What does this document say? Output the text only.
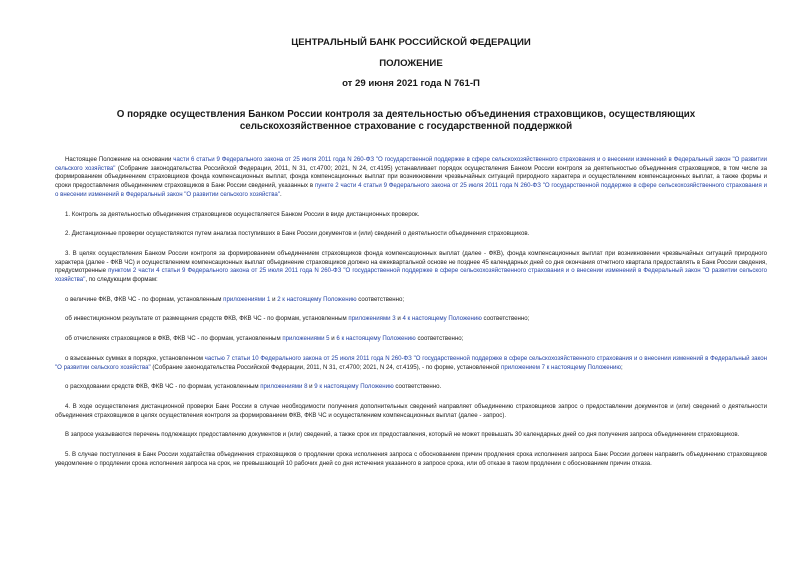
ЦЕНТРАЛЬНЫЙ БАНК РОССИЙСКОЙ ФЕДЕРАЦИИ
ПОЛОЖЕНИЕ
от 29 июня 2021 года N 761-П
О порядке осуществления Банком России контроля за деятельностью объединения страховщиков, осуществляющих сельскохозяйственное страхование с государственной поддержкой

Настоящее Положение на основании части 6 статьи 9 Федерального закона от 25 июля 2011 года N 260-ФЗ "О государственной поддержке в сфере сельскохозяйственного страхования и о внесении изменений в Федеральный закон "О развитии сельского хозяйства" (Собрание законодательства Российской Федерации, 2011, N 31, ст.4700; 2021, N 24, ст.4195) устанавливает порядок осуществления Банком России контроля за деятельностью объединения страховщиков, в том числе за формированием объединением страховщиков фонда компенсационных выплат, фонда компенсационных выплат при возникновении чрезвычайных ситуаций природного характера и осуществлением компенсационных выплат, а также формы и сроки предоставления объединением страховщиков в Банк России сведений, указанных в пункте 2 части 4 статьи 9 Федерального закона от 25 июля 2011 года N 260-ФЗ "О государственной поддержке в сфере сельскохозяйственного страхования и о внесении изменений в Федеральный закон "О развитии сельского хозяйства".

1. Контроль за деятельностью объединения страховщиков осуществляется Банком России в виде дистанционных проверок.

2. Дистанционные проверки осуществляются путем анализа поступивших в Банк России документов и (или) сведений о деятельности объединения страховщиков.

3. В целях осуществления Банком России контроля за формированием объединением страховщиков фонда компенсационных выплат (далее - ФКВ), фонда компенсационных выплат при возникновении чрезвычайных ситуаций природного характера (далее - ФКВ ЧС) и осуществлением компенсационных выплат объединение страховщиков должно на ежеквартальной основе не позднее 45 календарных дней со дня окончания отчетного квартала предоставлять в Банк России сведения, предусмотренные пунктом 2 части 4 статьи 9 Федерального закона от 25 июля 2011 года N 260-ФЗ "О государственной поддержке в сфере сельскохозяйственного страхования и о внесении изменений в Федеральный закон "О развитии сельского хозяйства", по следующим формам:

о величине ФКВ, ФКВ ЧС - по формам, установленным приложениями 1 и 2 к настоящему Положению соответственно;

об инвестиционном результате от размещения средств ФКВ, ФКВ ЧС - по формам, установленным приложениями 3 и 4 к настоящему Положению соответственно;

об отчислениях страховщиков в ФКВ, ФКВ ЧС - по формам, установленным приложениями 5 и 6 к настоящему Положению соответственно;

о взысканных суммах в порядке, установленном частью 7 статьи 10 Федерального закона от 25 июля 2011 года N 260-ФЗ "О государственной поддержке в сфере сельскохозяйственного страхования и о внесении изменений в Федеральный закон "О развитии сельского хозяйства" (Собрание законодательства Российской Федерации, 2011, N 31, ст.4700; 2021, N 24, ст.4195), - по форме, установленной приложением 7 к настоящему Положению;

о расходовании средств ФКВ, ФКВ ЧС - по формам, установленным приложениями 8 и 9 к настоящему Положению соответственно.

4. В ходе осуществления дистанционной проверки Банк России в случае необходимости получения дополнительных сведений направляет объединению страховщиков запрос о предоставлении документов и (или) сведений о деятельности объединения страховщиков в целях осуществления контроля за формированием ФКВ, ФКВ ЧС и осуществлением компенсационных выплат (далее - запрос).

В запросе указываются перечень подлежащих предоставлению документов и (или) сведений, а также срок их предоставления, который не может превышать 30 календарных дней со дня получения запроса объединением страховщиков.

5. В случае поступления в Банк России ходатайства объединения страховщиков о продлении срока исполнения запроса с обоснованием причин продления срока исполнения запроса Банк России должен направить объединению страховщиков уведомление о продлении срока исполнения запроса на срок, не превышающий 10 рабочих дней со дня истечения указанного в запросе срока, или об отказе в таком продлении с обоснованием причин отказа.
